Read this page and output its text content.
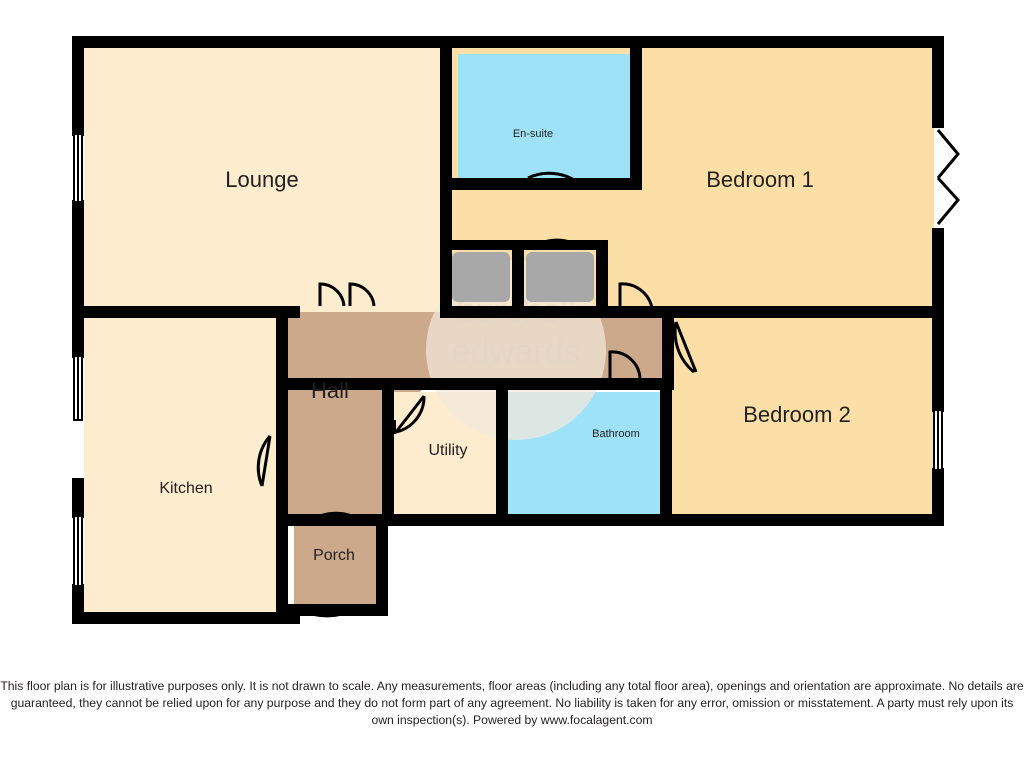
edwards
Lounge
En-suite
Bedroom 1
Hall
Bedroom 2
Kitchen
Utility
Bathroom
Porch
This floor plan is for illustrative purposes only. It is not drawn to scale. Any measurements, floor areas (including any total floor area), openings and orientation are approximate. No details are guaranteed, they cannot be relied upon for any purpose and they do not form part of any agreement. No liability is taken for any error, omission or misstatement. A party must rely upon its own inspection(s). Powered by www.focalagent.com
